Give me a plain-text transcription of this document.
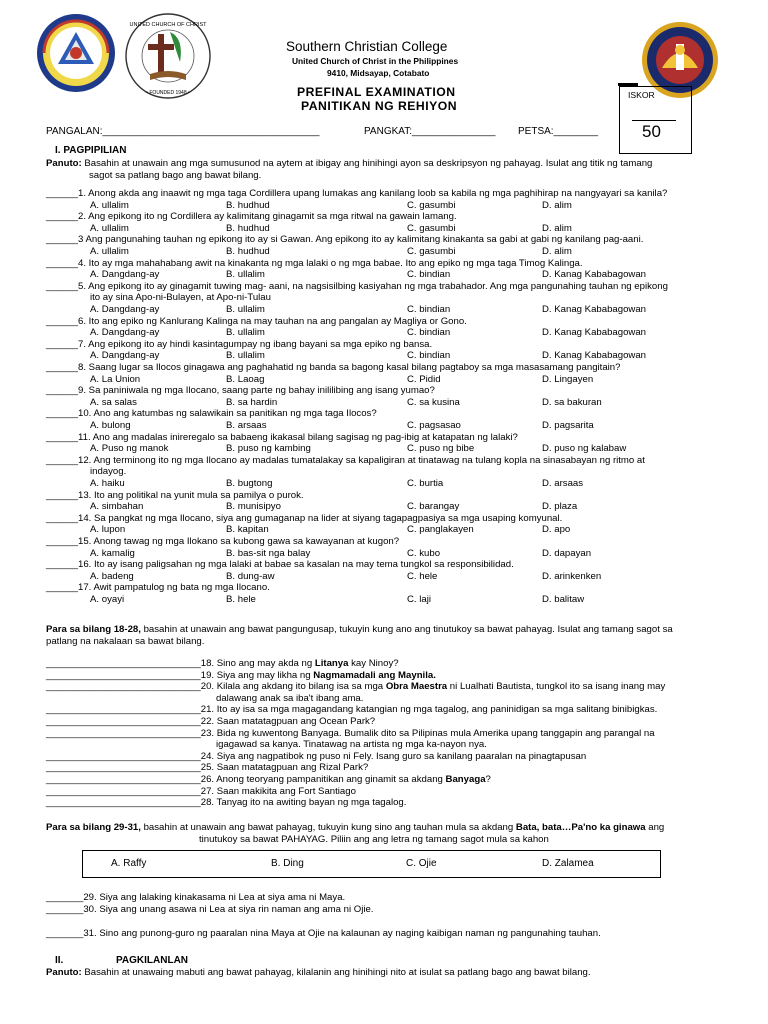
UNITED CHURCH OF CHRIST
• FOUNDED 1948 •
Southern Christian College
United Church of Christ in the Philippines
9410, Midsayap, Cotabato
PREFINAL EXAMINATION
PANITIKAN NG REHIYON
ISKOR
50
PANGALAN:_______________________________________	PANGKAT:_______________ PETSA:________
I. PAGPIPILIAN
Panuto: Basahin at unawain ang mga sumusunod na aytem at ibigay ang hinihingi ayon sa deskripsyon ng pahayag. Isulat ang titik ng tamang
sagot sa patlang bago ang bawat bilang.
______1. Anong akda ang inaawit ng mga taga Cordillera upang lumakas ang kanilang loob sa kabila ng mga paghihirap na nangyayari sa kanila?
A. ullalim	B. hudhud	C. gasumbi	D. alim
______2. Ang epikong ito ng Cordillera ay kalimitang ginagamit sa mga ritwal na gawain lamang.
A. ullalim	B. hudhud	C. gasumbi	D. alim
______3 Ang pangunahing tauhan ng epikong ito ay si Gawan. Ang epikong ito ay kalimitang kinakanta sa gabi at gabi ng kanilang pag-aani.
A. ullalim	B. hudhud	C. gasumbi	D. alim
______4. Ito ay mga mahahabang awit na kinakanta ng mga lalaki o ng mga babae. Ito ang epiko ng mga taga Timog Kalinga.
A. Dangdang-ay	B. ullalim	C. bindian	D. Kanag Kababagowan
______5. Ang epikong ito ay ginagamit tuwing mag- aani, na nagsisilbing kasiyahan ng mga trabahador. Ang mga pangunahing tauhan ng epikong
ito ay sina Apo-ni-Bulayen, at Apo-ni-Tulau
A. Dangdang-ay	B. ullalim	C. bindian	D. Kanag Kababagowan
______6. Ito ang epiko ng Kanlurang Kalinga na may tauhan na ang pangalan ay Magliya or Gono.
A. Dangdang-ay	B. ullalim	C. bindian	D. Kanag Kababagowan
______7. Ang epikong ito ay hindi kasintagumpay ng ibang bayani sa mga epiko ng bansa.
A. Dangdang-ay	B. ullalim	C. bindian	D. Kanag Kababagowan
______8. Saang lugar sa Ilocos ginagawa ang paghahatid ng banda sa bagong kasal bilang pagtaboy sa mga masasamang pangitain?
A. La Union	B. Laoag	C. Pidid	D. Lingayen
______9. Sa paniniwala ng mga Ilocano, saang parte ng bahay inililibing ang isang yumao?
A. sa salas	B. sa hardin	C. sa kusina	D. sa bakuran
______10. Ano ang katumbas ng salawikain sa panitikan ng mga taga Ilocos?
A. bulong	B. arsaas	C. pagsasao	D. pagsarita
______11. Ano ang madalas inireregalo sa babaeng ikakasal bilang sagisag ng pag-ibig at katapatan ng lalaki?
A. Puso ng manok	B. puso ng kambing	C. puso ng bibe	D. puso ng kalabaw
______12. Ang terminong ito ng mga Ilocano ay madalas tumatalakay sa kapaligiran at tinatawag na tulang kopla na sinasabayan ng ritmo at
indayog.
A. haiku	B. bugtong	C. burtia	D. arsaas
______13. Ito ang politikal na yunit mula sa pamilya o purok.
A. simbahan	B. munisipyo	C. barangay	D. plaza
______14. Sa pangkat ng mga Ilocano, siya ang gumaganap na lider at siyang tagapagpasiya sa mga usaping komyunal.
A. lupon	B. kapitan	C. panglakayen	D. apo
______15. Anong tawag ng mga Ilokano sa kubong gawa sa kawayanan at kugon?
A. kamalig	B. bas-sit nga balay	C. kubo	D. dapayan
______16. Ito ay isang paligsahan ng mga lalaki at babae sa kasalan na may tema tungkol sa responsibilidad.
A. badeng	B. dung-aw	C. hele	D. arinkenken
______17. Awit pampatulog ng bata ng mga Ilocano.
A. oyayi	B. hele	C. laji	D. balitaw
Para sa bilang 18-28, basahin at unawain ang bawat pangungusap, tukuyin kung ano ang tinutukoy sa bawat pahayag. Isulat ang tamang sagot sa
patlang na nakalaan sa bawat bilang.
_____________________________18. Sino ang may akda ng Litanya kay Ninoy?
_____________________________19. Siya ang may likha ng Nagmamadali ang Maynila.
_____________________________20. Kilala ang akdang ito bilang isa sa mga Obra Maestra ni Lualhati Bautista, tungkol ito sa isang inang may
dalawang anak sa iba't ibang ama.
_____________________________21. Ito ay isa sa mga magagandang katangian ng mga tagalog, ang paninidigan sa mga salitang binibigkas.
_____________________________22. Saan matatagpuan ang Ocean Park?
_____________________________23. Bida ng kuwentong Banyaga. Bumalik dito sa Pilipinas mula Amerika upang tanggapin ang parangal na
igagawad sa kanya. Tinatawag na artista ng mga ka-nayon nya.
_____________________________24. Siya ang nagpatibok ng puso ni Fely. Isang guro sa kanilang paaralan na pinagtapusan
_____________________________25. Saan matatagpuan ang Rizal Park?
_____________________________26. Anong teoryang pampanitikan ang ginamit sa akdang Banyaga?
_____________________________27. Saan makikita ang Fort Santiago
_____________________________28. Tanyag ito na awiting bayan ng mga tagalog.
Para sa bilang 29-31, basahin at unawain ang bawat pahayag, tukuyin kung sino ang tauhan mula sa akdang Bata, bata…Pa'no ka ginawa ang
tinutukoy sa bawat PAHAYAG. Piliin ang ang letra ng tamang sagot mula sa kahon
A. Raffy	B. Ding	C. Ojie	D. Zalamea
_______29. Siya ang lalaking kinakasama ni Lea at siya ama ni Maya.
_______30. Siya ang unang asawa ni Lea at siya rin naman ang ama ni Ojie.
_______31. Sino ang punong-guro ng paaralan nina Maya at Ojie na kalaunan ay naging kaibigan naman ng pangunahing tauhan.
II.	PAGKILANLAN
Panuto: Basahin at unawaing mabuti ang bawat pahayag, kilalanin ang hinihingi nito at isulat sa patlang bago ang bawat bilang.
